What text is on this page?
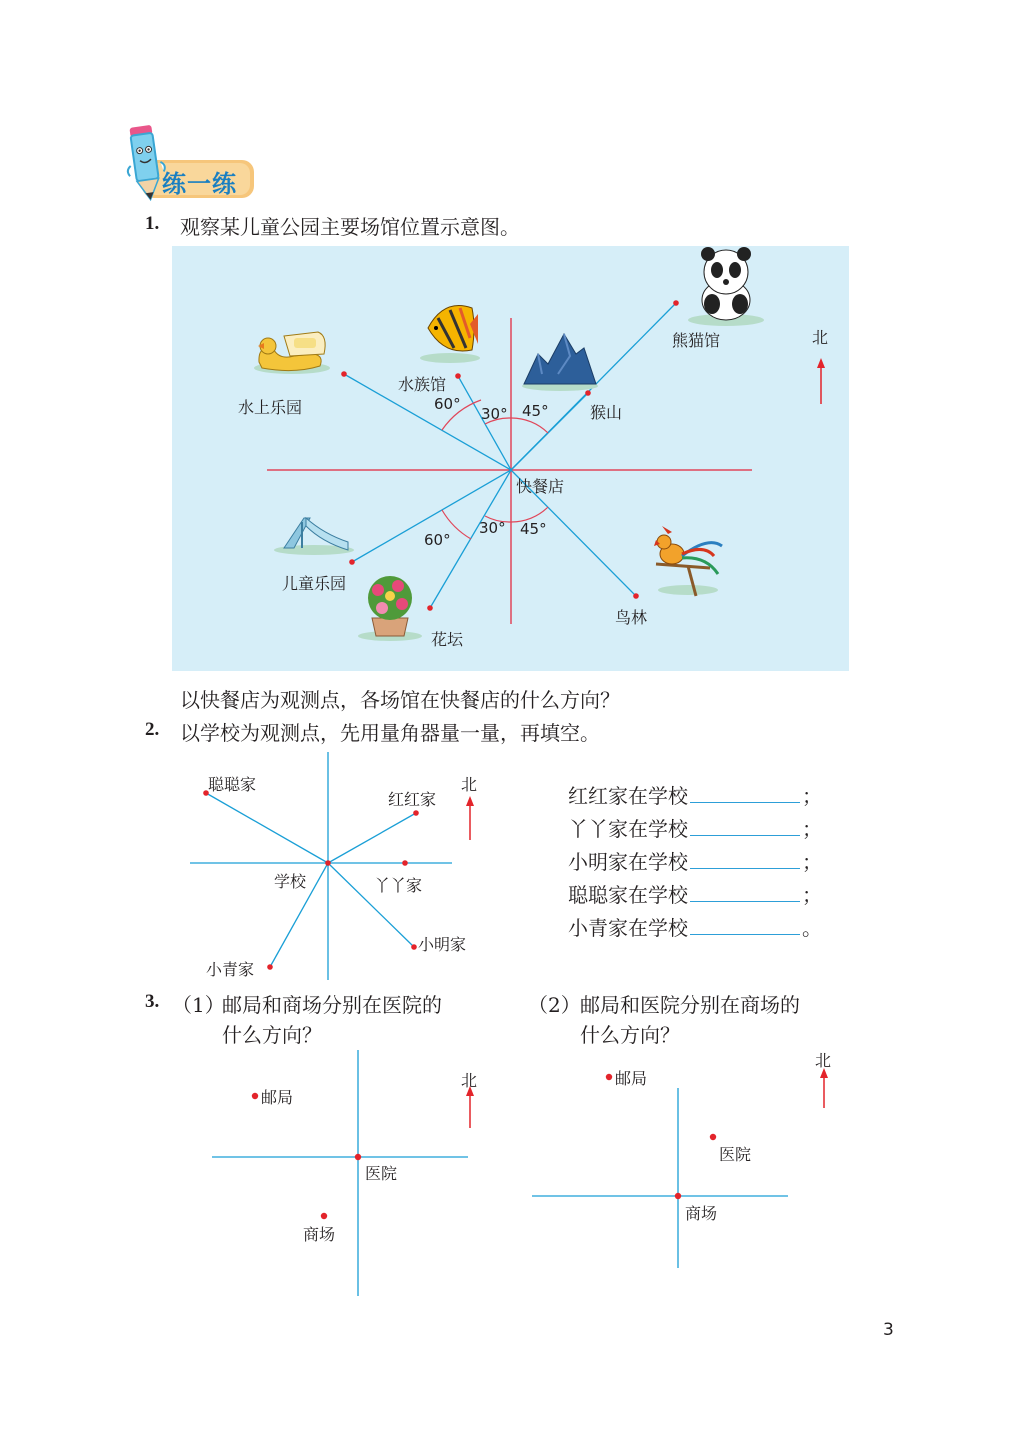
练一练
1. 观察某儿童公园主要场馆位置示意图。
快餐店
水上乐园
水族馆
猴山
熊猫馆
儿童乐园
花坛
鸟林
北
60°
30° 45°
60°
30° 45°
以快餐店为观测点，各场馆在快餐店的什么方向？
2. 以学校为观测点，先用量角器量一量，再填空。
学校
聪聪家
红红家
丫丫家
小明家
小青家
北	红红家在学校	；
丫丫家在学校	；
小明家在学校	；
聪聪家在学校	；
小青家在学校	。
3. （1）
邮局和商场分别在医院的
什么方向？
（2） 邮局和医院分别在商场的
什么方向？
医院
邮局
商场
北
商场
邮局
医院
北
3
